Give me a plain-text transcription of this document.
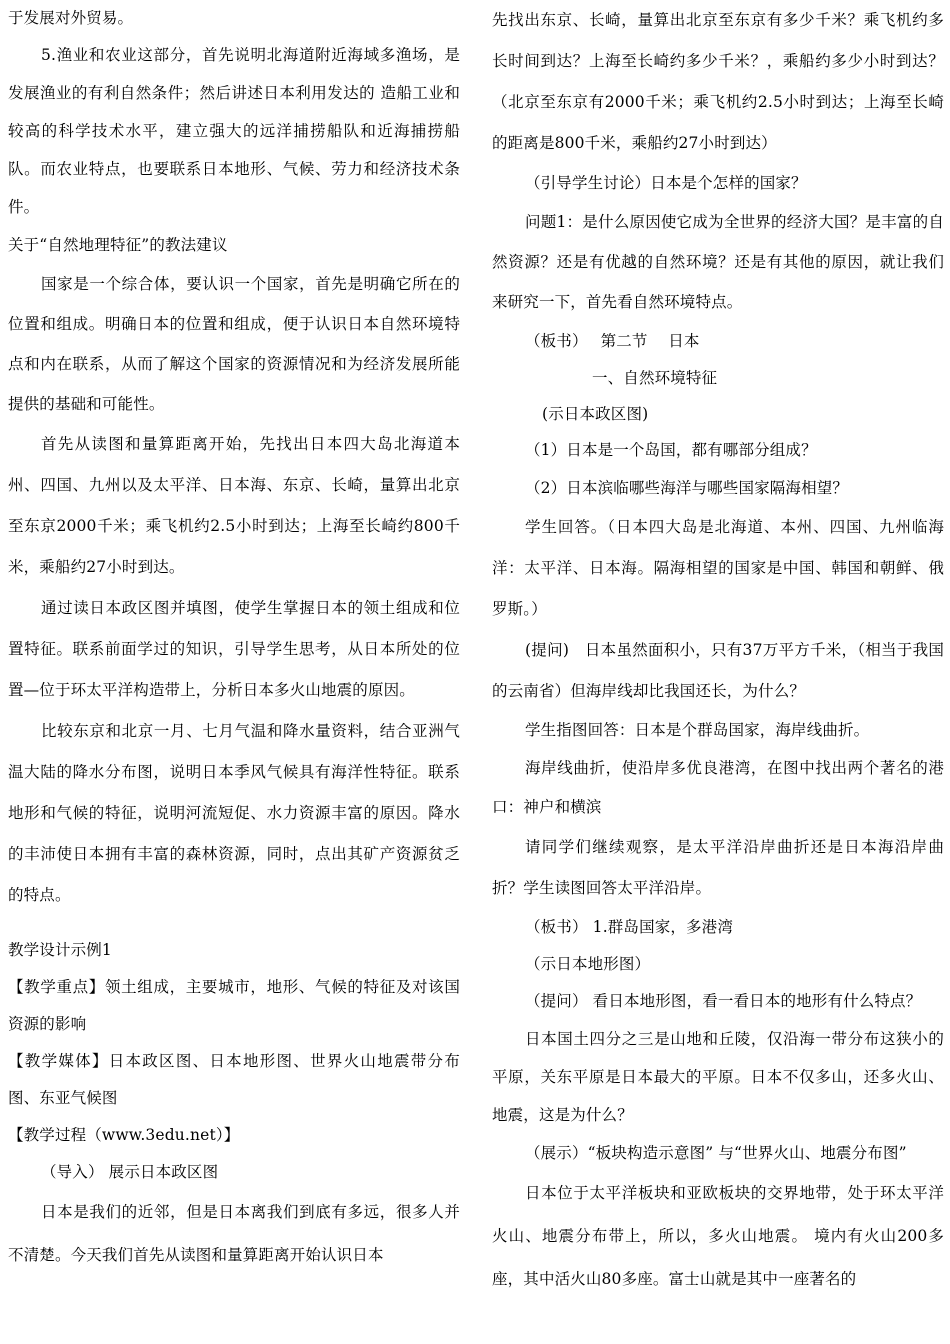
于发展对外贸易。

5.渔业和农业这部分，首先说明北海道附近海域多渔场，是发展渔业的有利自然条件；然后讲述日本利用发达的 造船工业和较高的科学技术水平，建立强大的远洋捕捞船队和近海捕捞船队。而农业特点，也要联系日本地形、气候、劳力和经济技术条件。

关于“自然地理特征”的教法建议

国家是一个综合体，要认识一个国家，首先是明确它所在的位置和组成。明确日本的位置和组成，便于认识日本自然环境特点和内在联系，从而了解这个国家的资源情况和为经济发展所能提供的基础和可能性。

首先从读图和量算距离开始，先找出日本四大岛北海道本州、四国、九州以及太平洋、日本海、东京、长崎，量算出北京至东京2000千米；乘飞机约2.5小时到达；上海至长崎约800千米，乘船约27小时到达。

通过读日本政区图并填图，使学生掌握日本的领土组成和位置特征。联系前面学过的知识，引导学生思考，从日本所处的位置—位于环太平洋构造带上，分析日本多火山地震的原因。

比较东京和北京一月、七月气温和降水量资料，结合亚洲气温大陆的降水分布图，说明日本季风气候具有海洋性特征。联系地形和气候的特征，说明河流短促、水力资源丰富的原因。降水的丰沛使日本拥有丰富的森林资源，同时，点出其矿产资源贫乏的特点。

教学设计示例1

【教学重点】领土组成，主要城市，地形、气候的特征及对该国资源的影响

【教学媒体】日本政区图、日本地形图、世界火山地震带分布图、东亚气候图

【教学过程（www.3edu.net）】

（导入） 展示日本政区图

日本是我们的近邻，但是日本离我们到底有多远，很多人并不清楚。今天我们首先从读图和量算距离开始认识日本

先找出东京、长崎，量算出北京至东京有多少千米？乘飞机约多长时间到达？上海至长崎约多少千米？，乘船约多少小时到达？（北京至东京有2000千米；乘飞机约2.5小时到达；上海至长崎的距离是800千米，乘船约27小时到达）

（引导学生讨论）日本是个怎样的国家？

问题1：是什么原因使它成为全世界的经济大国？是丰富的自然资源？还是有优越的自然环境？还是有其他的原因，就让我们来研究一下，首先看自然环境特点。

（板书）　 第二节 　日本

一、自然环境特征

(示日本政区图)

（1）日本是一个岛国，都有哪部分组成？

（2）日本滨临哪些海洋与哪些国家隔海相望？

学生回答。（日本四大岛是北海道、本州、四国、九州临海洋：太平洋、日本海。隔海相望的国家是中国、韩国和朝鲜、俄罗斯。）

(提问)　日本虽然面积小，只有37万平方千米，（相当于我国的云南省）但海岸线却比我国还长，为什么？

学生指图回答：日本是个群岛国家，海岸线曲折。

海岸线曲折，使沿岸多优良港湾，在图中找出两个著名的港口：神户和横滨

请同学们继续观察，是太平洋沿岸曲折还是日本海沿岸曲折？学生读图回答太平洋沿岸。

（板书） 1.群岛国家，多港湾

（示日本地形图）

（提问） 看日本地形图，看一看日本的地形有什么特点？

日本国土四分之三是山地和丘陵，仅沿海一带分布这狭小的平原，关东平原是日本最大的平原。日本不仅多山，还多火山、地震，这是为什么？

（展示）“板块构造示意图” 与“世界火山、地震分布图”

日本位于太平洋板块和亚欧板块的交界地带，处于环太平洋火山、地震分布带上，所以，多火山地震。 境内有火山200多座，其中活火山80多座。富士山就是其中一座著名的
